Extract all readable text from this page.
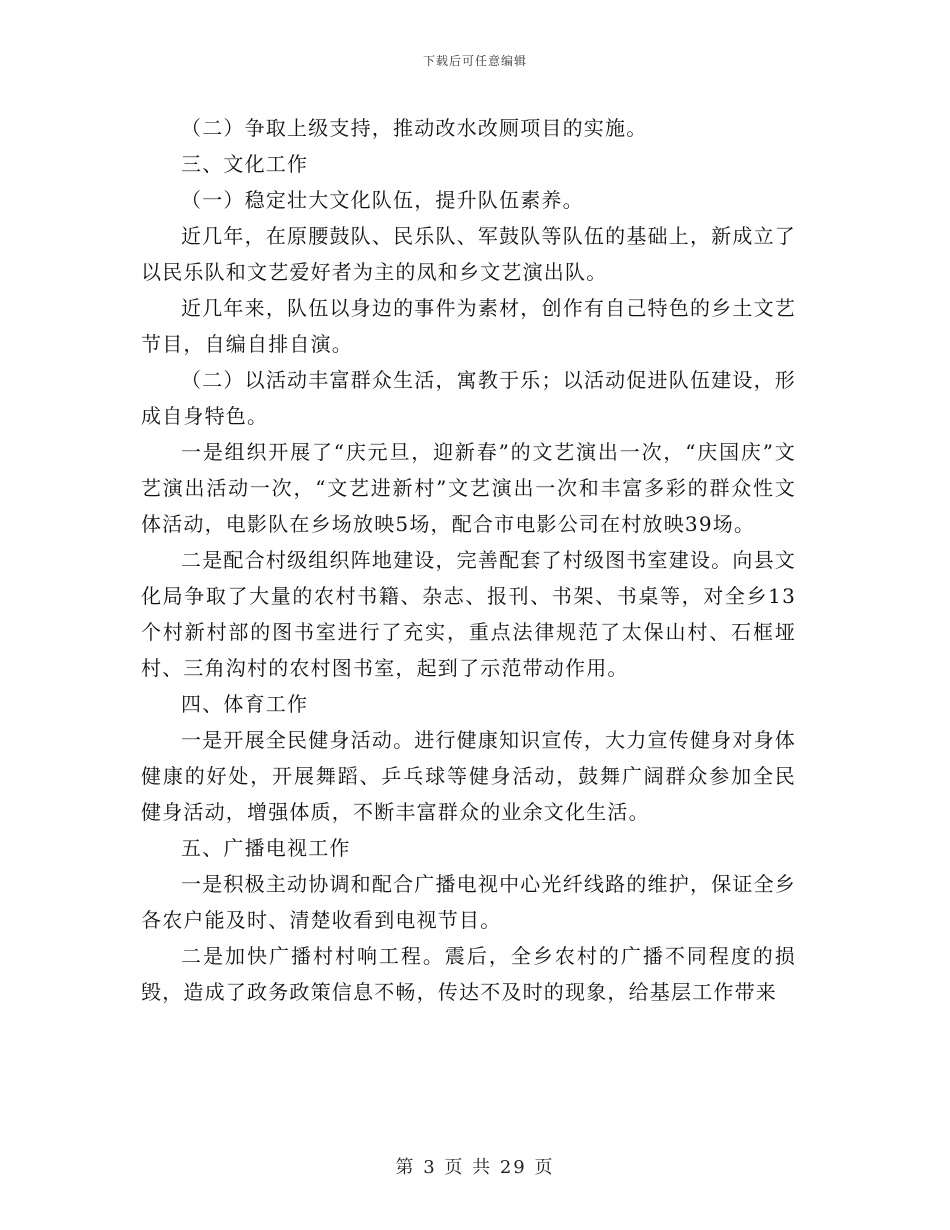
下载后可任意编辑

（二）争取上级支持，推动改水改厕项目的实施。

三、文化工作

（一）稳定壮大文化队伍，提升队伍素养。

近几年，在原腰鼓队、民乐队、军鼓队等队伍的基础上，新成立了以民乐队和文艺爱好者为主的凤和乡文艺演出队。

近几年来，队伍以身边的事件为素材，创作有自己特色的乡土文艺节目，自编自排自演。

（二）以活动丰富群众生活，寓教于乐；以活动促进队伍建设，形成自身特色。

一是组织开展了“庆元旦，迎新春”的文艺演出一次，“庆国庆”文艺演出活动一次，“文艺进新村”文艺演出一次和丰富多彩的群众性文体活动，电影队在乡场放映5场，配合市电影公司在村放映39场。

二是配合村级组织阵地建设，完善配套了村级图书室建设。向县文化局争取了大量的农村书籍、杂志、报刊、书架、书桌等，对全乡13个村新村部的图书室进行了充实，重点法律规范了太保山村、石框垭村、三角沟村的农村图书室，起到了示范带动作用。

四、体育工作

一是开展全民健身活动。进行健康知识宣传，大力宣传健身对身体健康的好处，开展舞蹈、乒乓球等健身活动，鼓舞广阔群众参加全民健身活动，增强体质，不断丰富群众的业余文化生活。

五、广播电视工作

一是积极主动协调和配合广播电视中心光纤线路的维护，保证全乡各农户能及时、清楚收看到电视节目。

二是加快广播村村响工程。震后，全乡农村的广播不同程度的损毁，造成了政务政策信息不畅，传达不及时的现象，给基层工作带来

第 3 页 共 29 页
